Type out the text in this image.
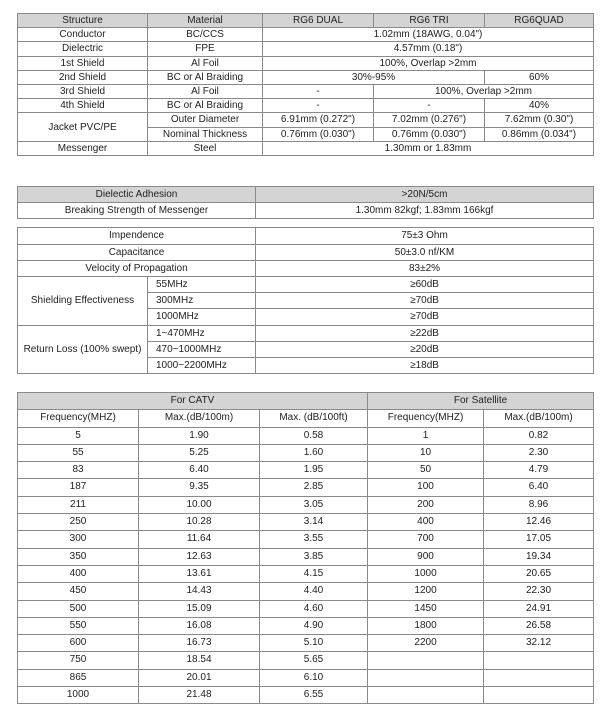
Structure	Material	RG6 DUAL	RG6 TRI	RG6QUAD
Conductor	BC/CCS	1.02mm (18AWG, 0.04")		
Dielectric	FPE	4.57mm (0.18")		
1st Shield	Al Foil	100%, Overlap >2mm		
2nd Shield	BC or Al Braiding	30%-95%		60%
3rd Shield	Al Foil	-	100%, Overlap >2mm	
4th Shield	BC or Al Braiding	-	-	40%
Jacket PVC/PE	Outer Diameter	6.91mm (0.272")	7.02mm (0.276")	7.62mm (0.30")
	Nominal Thickness	0.76mm (0.030")	0.76mm (0.030")	0.86mm (0.034")
Messenger	Steel	1.30mm or 1.83mm		
Dielectic Adhesion		>20N/5cm
Breaking Strength of Messenger		1.30mm 82kgf; 1.83mm 166kgf

Impendence		75±3 Ohm
Capacitance		50±3.0 nf/KM
Velocity of Propagation		83±2%
Shielding Effectiveness	55MHz	≥60dB
	300MHz	≥70dB
	1000MHz	≥70dB
Return Loss (100% swept)	1~470MHz	≥22dB
	470~1000MHz	≥20dB
	1000~2200MHz	≥18dB
For CATV			For Satellite	
Frequency(MHZ)	Max.(dB/100m)	Max. (dB/100ft)	Frequency(MHZ)	Max.(dB/100m)
5	1.90	0.58	1	0.82
55	5.25	1.60	10	2.30
83	6.40	1.95	50	4.79
187	9.35	2.85	100	6.40
211	10.00	3.05	200	8.96
250	10.28	3.14	400	12.46
300	11.64	3.55	700	17.05
350	12.63	3.85	900	19.34
400	13.61	4.15	1000	20.65
450	14.43	4.40	1200	22.30
500	15.09	4.60	1450	24.91
550	16.08	4.90	1800	26.58
600	16.73	5.10	2200	32.12
750	18.54	5.65		
865	20.01	6.10		
1000	21.48	6.55		
